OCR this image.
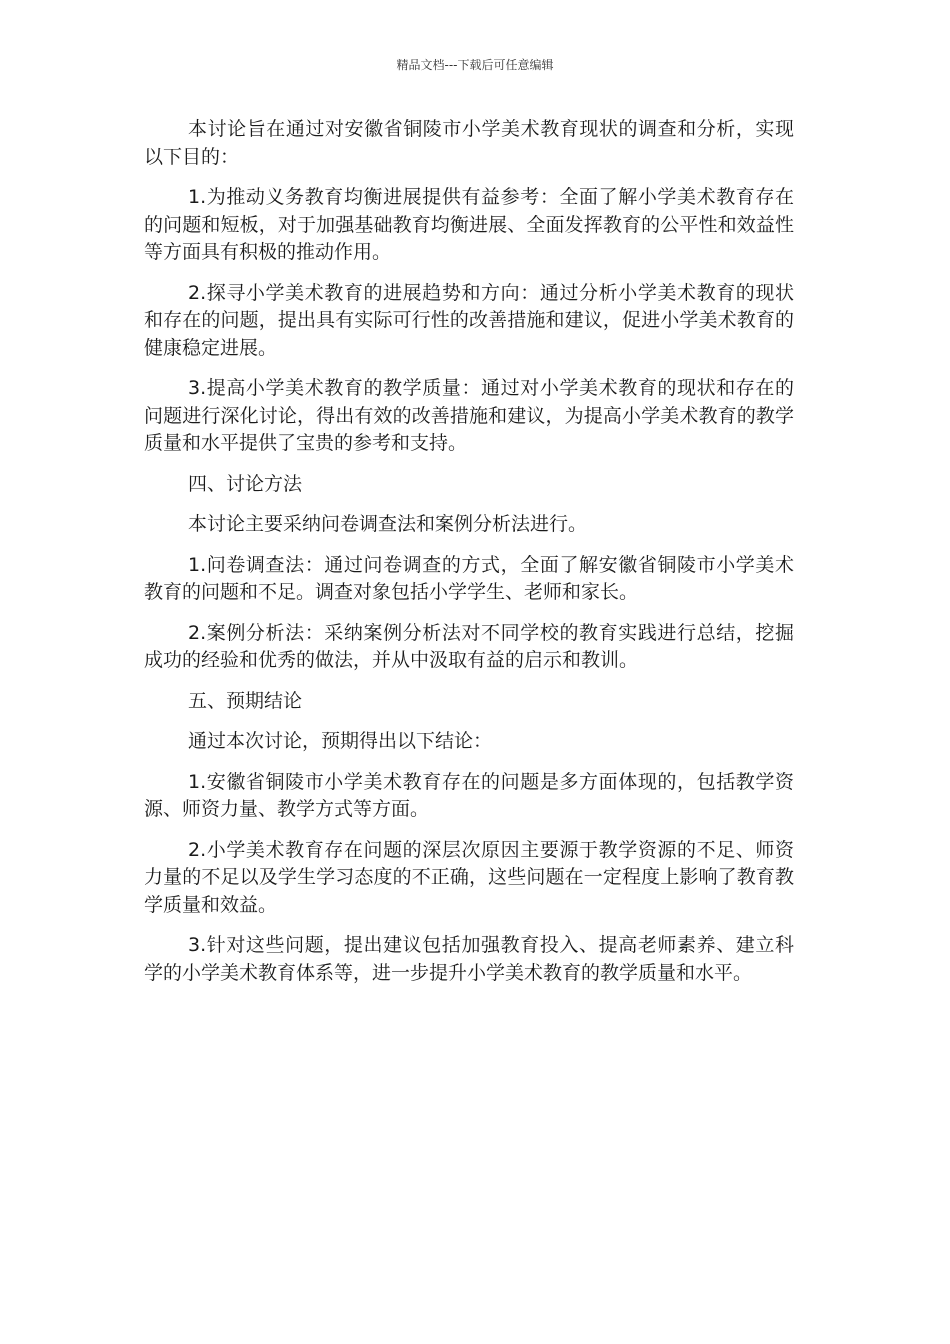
精品文档---下载后可任意编辑

本讨论旨在通过对安徽省铜陵市小学美术教育现状的调查和分析，实现以下目的：

1.为推动义务教育均衡进展提供有益参考：全面了解小学美术教育存在的问题和短板，对于加强基础教育均衡进展、全面发挥教育的公平性和效益性等方面具有积极的推动作用。

2.探寻小学美术教育的进展趋势和方向：通过分析小学美术教育的现状和存在的问题，提出具有实际可行性的改善措施和建议，促进小学美术教育的健康稳定进展。

3.提高小学美术教育的教学质量：通过对小学美术教育的现状和存在的问题进行深化讨论，得出有效的改善措施和建议，为提高小学美术教育的教学质量和水平提供了宝贵的参考和支持。

四、讨论方法

本讨论主要采纳问卷调查法和案例分析法进行。

1.问卷调查法：通过问卷调查的方式，全面了解安徽省铜陵市小学美术教育的问题和不足。调查对象包括小学学生、老师和家长。

2.案例分析法：采纳案例分析法对不同学校的教育实践进行总结，挖掘成功的经验和优秀的做法，并从中汲取有益的启示和教训。

五、预期结论

通过本次讨论，预期得出以下结论：

1.安徽省铜陵市小学美术教育存在的问题是多方面体现的，包括教学资源、师资力量、教学方式等方面。

2.小学美术教育存在问题的深层次原因主要源于教学资源的不足、师资力量的不足以及学生学习态度的不正确，这些问题在一定程度上影响了教育教学质量和效益。

3.针对这些问题，提出建议包括加强教育投入、提高老师素养、建立科学的小学美术教育体系等，进一步提升小学美术教育的教学质量和水平。
